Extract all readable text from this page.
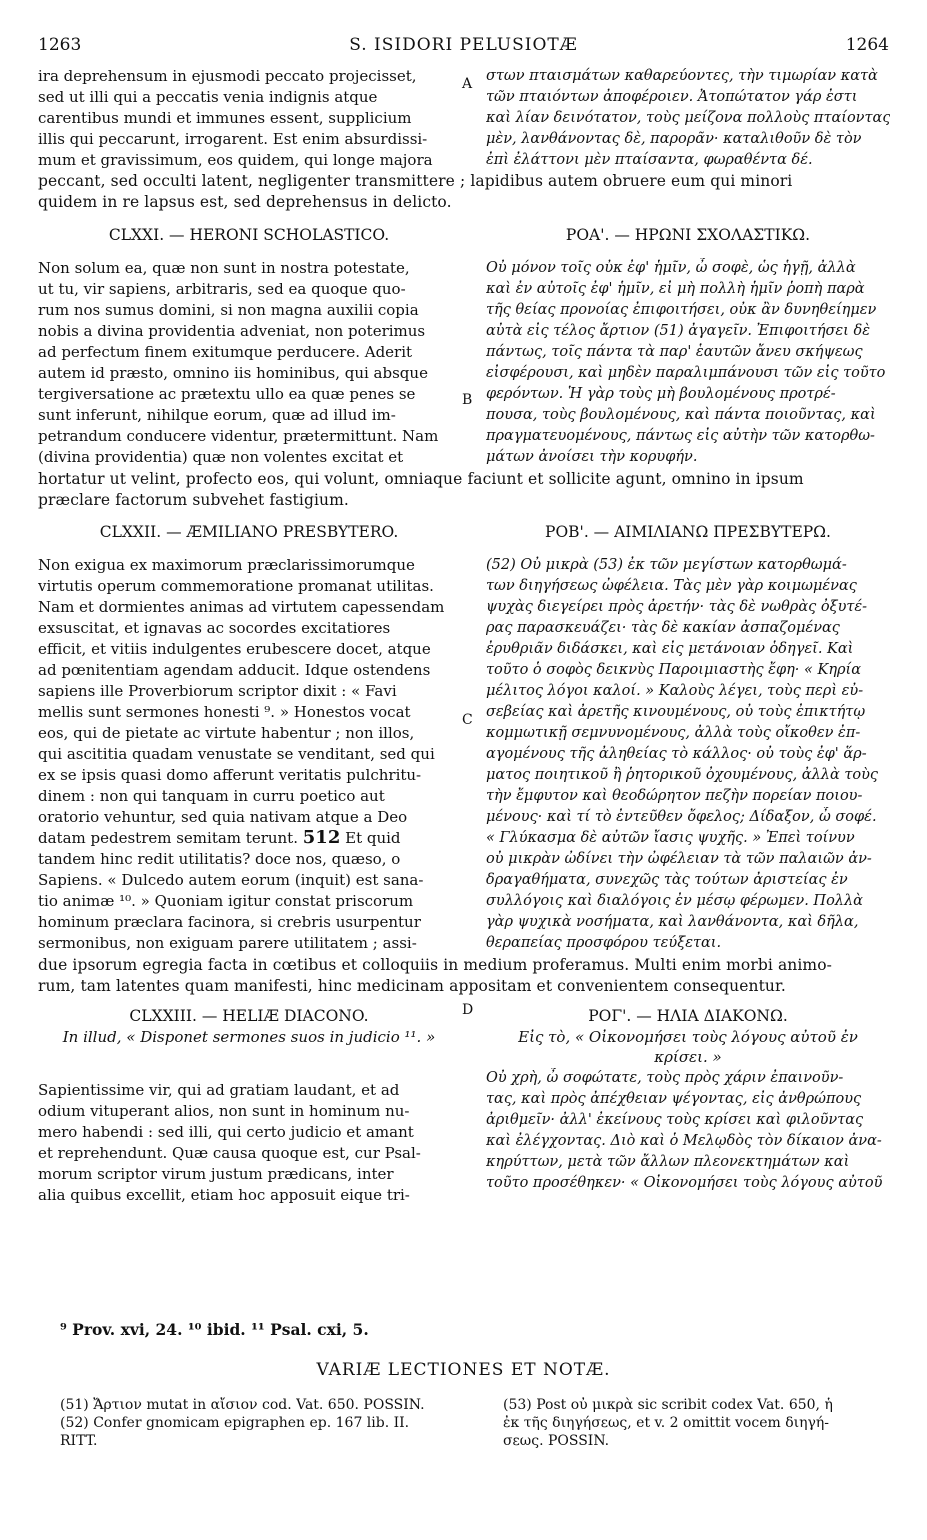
1263	S. ISIDORI PELUSIOTÆ	1264
ira deprehensum in ejusmodi peccato projecisset,
sed ut illi qui a peccatis venia indignis atque
carentibus mundi et immunes essent, supplicium
illis qui peccarunt, irrogarent. Est enim absurdissi-
mum et gravissimum, eos quidem, qui longe majora
A στων πταισμάτων καθαρεύοντες, τὴν τιμωρίαν κατὰ
τῶν πταιόντων ἀποφέροιεν. Ἀτοπώτατον γάρ ἐστι
καὶ λίαν δεινότατον, τοὺς μείζονα πολλοὺς πταίοντας
μὲν, λανθάνοντας δὲ, παρορᾶν· καταλιθοῦν δὲ τὸν
ἐπὶ ἐλάττονι μὲν πταίσαντα, φωραθέντα δέ.
peccant, sed occulti latent, negligenter transmittere ; lapidibus autem obruere eum qui minori
quidem in re lapsus est, sed deprehensus in delicto.
CLXXI. — HERONI SCHOLASTICO.	ΡΟΑ'. — ΗΡΩΝΙ ΣΧΟΛΑΣΤΙΚΩ.
Non solum ea, quæ non sunt in nostra potestate,
ut tu, vir sapiens, arbitraris, sed ea quoque quo-
rum nos sumus domini, si non magna auxilii copia
nobis a divina providentia adveniat, non poterimus
ad perfectum finem exitumque perducere. Aderit
autem id præsto, omnino iis hominibus, qui absque
tergiversatione ac prætextu ullo ea quæ penes se
sunt inferunt, nihilque eorum, quæ ad illud im-
petrandum conducere videntur, prætermittunt. Nam
(divina providentia) quæ non volentes excitat et
B
Οὐ μόνον τοῖς οὐκ ἐφ' ἡμῖν, ὦ σοφὲ, ὡς ἡγῇ, ἀλλὰ
καὶ ἐν αὐτοῖς ἐφ' ἡμῖν, εἰ μὴ πολλὴ ἡμῖν ῥοπὴ παρὰ
τῆς θείας προνοίας ἐπιφοιτήσει, οὐκ ἂν δυνηθείημεν
αὐτὰ εἰς τέλος ἄρτιον (51) ἀγαγεῖν. Ἐπιφοιτήσει δὲ
πάντως, τοῖς πάντα τὰ παρ' ἑαυτῶν ἄνευ σκήψεως
εἰσφέρουσι, καὶ μηδὲν παραλιμπάνουσι τῶν εἰς τοῦτο
φερόντων. Ἡ γὰρ τοὺς μὴ βουλομένους προτρέ-
πουσα, τοὺς βουλομένους, καὶ πάντα ποιοῦντας, καὶ
πραγματευομένους, πάντως εἰς αὐτὴν τῶν κατορθω-
μάτων ἀνοίσει τὴν κορυφήν.
hortatur ut velint, profecto eos, qui volunt, omniaque faciunt et sollicite agunt, omnino in ipsum
præclare factorum subvehet fastigium.
CLXXII. — ÆMILIANO PRESBYTERO.	ΡΟΒ'. — ΑΙΜΙΛΙΑΝΩ ΠΡΕΣΒΥΤΕΡΩ.
Non exigua ex maximorum præclarissimorumque
virtutis operum commemoratione promanat utilitas.
Nam et dormientes animas ad virtutem capessendam
exsuscitat, et ignavas ac socordes excitatiores
efficit, et vitiis indulgentes erubescere docet, atque
ad pœnitentiam agendam adducit. Idque ostendens
sapiens ille Proverbiorum scriptor dixit : « Favi
mellis sunt sermones honesti ⁹. » Honestos vocat
eos, qui de pietate ac virtute habentur ; non illos,
qui ascititia quadam venustate se venditant, sed qui
ex se ipsis quasi domo afferunt veritatis pulchritu-
dinem : non qui tanquam in curru poetico aut
oratorio vehuntur, sed quia nativam atque a Deo
datam pedestrem semitam terunt. 512 Et quid
tandem hinc redit utilitatis? doce nos, quæso, o
Sapiens. « Dulcedo autem eorum (inquit) est sana-
tio animæ ¹⁰. » Quoniam igitur constat priscorum
hominum præclara facinora, si crebris usurpentur
sermonibus, non exiguam parere utilitatem ; assi-
C
(52) Οὐ μικρὰ (53) ἐκ τῶν μεγίστων κατορθωμά-
των διηγήσεως ὠφέλεια. Τὰς μὲν γὰρ κοιμωμένας
ψυχὰς διεγείρει πρὸς ἀρετήν· τὰς δὲ νωθρὰς ὀξυτέ-
ρας παρασκευάζει· τὰς δὲ κακίαν ἀσπαζομένας
ἐρυθριᾶν διδάσκει, καὶ εἰς μετάνοιαν ὁδηγεῖ. Καὶ
τοῦτο ὁ σοφὸς δεικνὺς Παροιμιαστὴς ἔφη· « Κηρία
μέλιτος λόγοι καλοί. » Καλοὺς λέγει, τοὺς περὶ εὐ-
σεβείας καὶ ἀρετῆς κινουμένους, οὐ τοὺς ἐπικτήτῳ
κομμωτικῇ σεμνυνομένους, ἀλλὰ τοὺς οἴκοθεν ἐπ-
αγομένους τῆς ἀληθείας τὸ κάλλος· οὐ τοὺς ἐφ' ἅρ-
ματος ποιητικοῦ ἢ ῥητορικοῦ ὀχουμένους, ἀλλὰ τοὺς
τὴν ἔμφυτον καὶ θεοδώρητον πεζὴν πορείαν ποιου-
μένους· καὶ τί τὸ ἐντεῦθεν ὄφελος; Δίδαξον, ὦ σοφέ.
« Γλύκασμα δὲ αὐτῶν ἴασις ψυχῆς. » Ἐπεὶ τοίνυν
οὐ μικρὰν ὠδίνει τὴν ὠφέλειαν τὰ τῶν παλαιῶν ἀν-
δραγαθήματα, συνεχῶς τὰς τούτων ἀριστείας ἐν
συλλόγοις καὶ διαλόγοις ἐν μέσῳ φέρωμεν. Πολλὰ
γὰρ ψυχικὰ νοσήματα, καὶ λανθάνοντα, καὶ δῆλα,
θεραπείας προσφόρου τεύξεται.
due ipsorum egregia facta in cœtibus et colloquiis in medium proferamus. Multi enim morbi animo-
rum, tam latentes quam manifesti, hinc medicinam appositam et convenientem consequentur.
D
CLXXIII. — HELIÆ DIACONO.	ΡΟΓ'. — ΗΛΙΑ ΔΙΑΚΟΝΩ.
In illud, « Disponet sermones suos in judicio ¹¹. »	Εἰς τὸ, « Οἰκονομήσει τοὺς λόγους αὐτοῦ ἐν
κρίσει. »
Sapientissime vir, qui ad gratiam laudant, et ad
odium vituperant alios, non sunt in hominum nu-
mero habendi : sed illi, qui certo judicio et amant
et reprehendunt. Quæ causa quoque est, cur Psal-
morum scriptor virum justum prædicans, inter
alia quibus excellit, etiam hoc apposuit eique tri-
Οὐ χρὴ, ὦ σοφώτατε, τοὺς πρὸς χάριν ἐπαινοῦν-
τας, καὶ πρὸς ἀπέχθειαν ψέγοντας, εἰς ἀνθρώπους
ἀριθμεῖν· ἀλλ' ἐκείνους τοὺς κρίσει καὶ φιλοῦντας
καὶ ἐλέγχοντας. Διὸ καὶ ὁ Μελῳδὸς τὸν δίκαιον ἀνα-
κηρύττων, μετὰ τῶν ἄλλων πλεονεκτημάτων καὶ
τοῦτο προσέθηκεν· « Οἰκονομήσει τοὺς λόγους αὐτοῦ
⁹ Prov. xvi, 24. ¹⁰ ibid. ¹¹ Psal. cxi, 5.
VARIÆ LECTIONES ET NOTÆ.
(51) Ἄρτιον mutat in αἴσιον cod. Vat. 650. POSSIN.
(52) Confer gnomicam epigraphen ep. 167 lib. II.
RITT.
(53) Post οὐ μικρὰ sic scribit codex Vat. 650, ἡ
ἐκ τῆς διηγήσεως, et v. 2 omittit vocem διηγή-
σεως. POSSIN.
